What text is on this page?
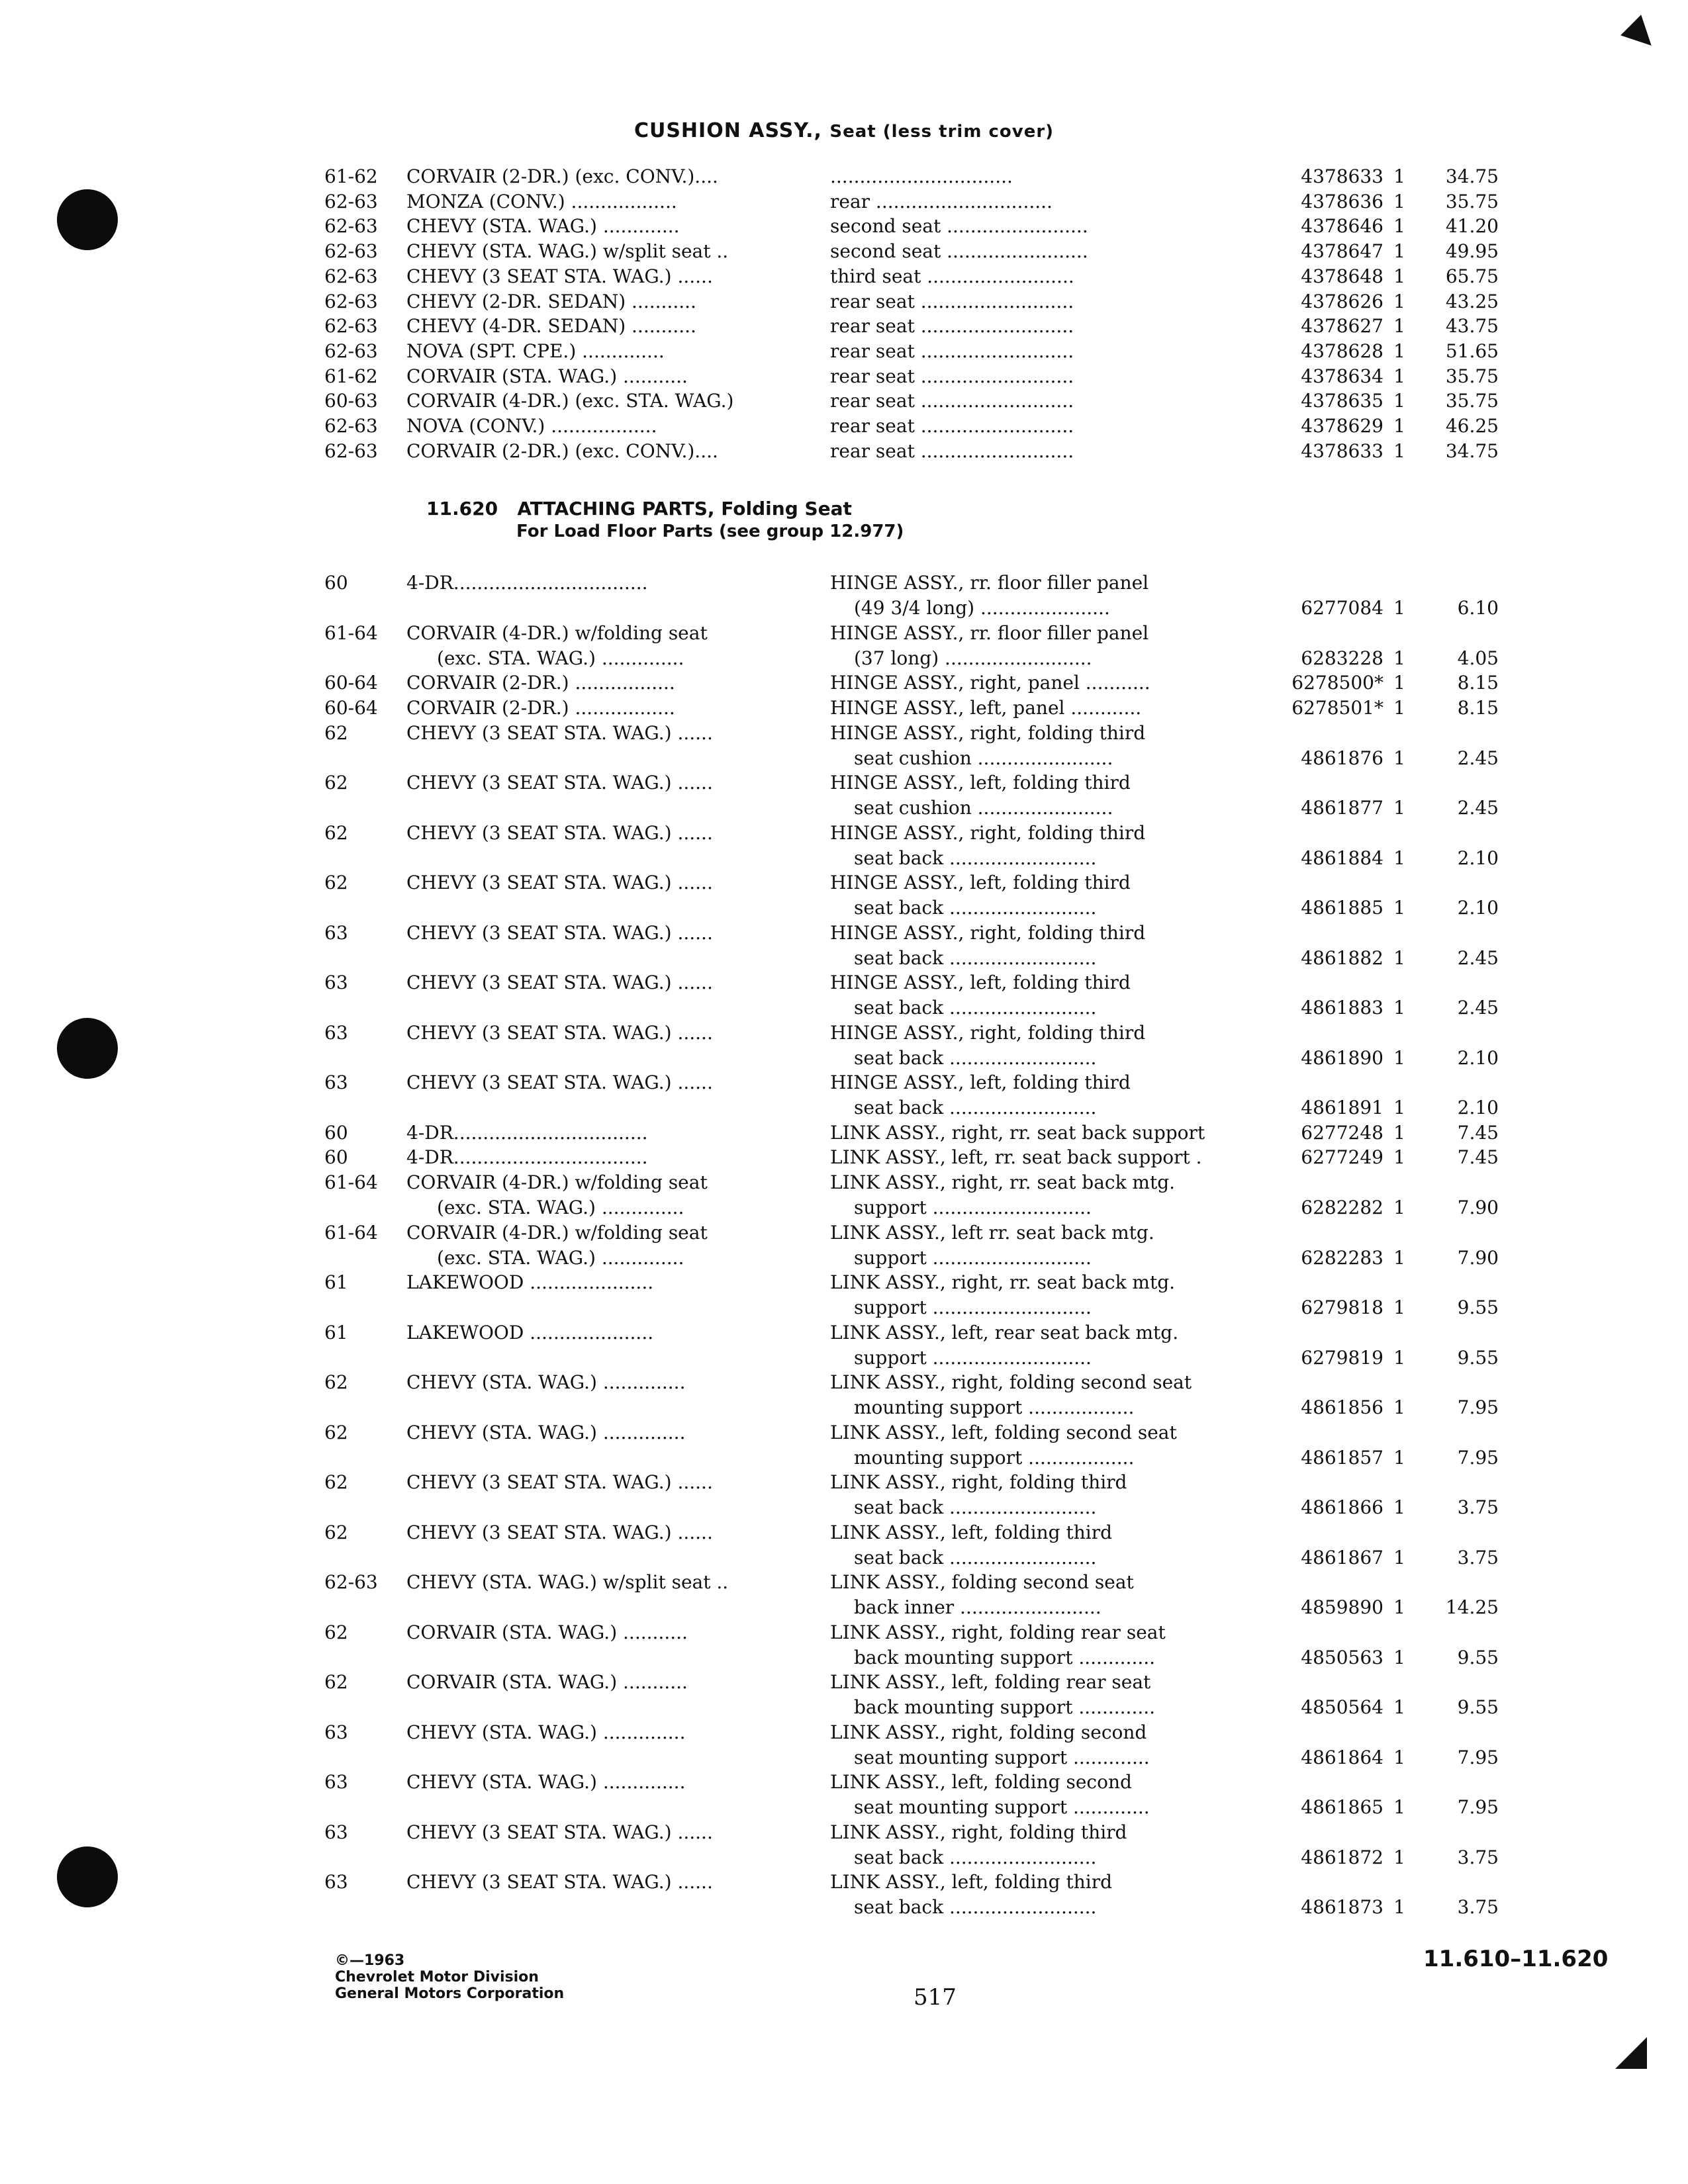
CUSHION ASSY., Seat (less trim cover)
11.620 ATTACHING PARTS, Folding Seat
For Load Floor Parts (see group 12.977)
61-62	CORVAIR (2-DR.) (exc. CONV.)....	...............................	4378633 1	34.75
62-63	MONZA (CONV.) ..................	rear ..............................	4378636 1	35.75
62-63	CHEVY (STA. WAG.) .............	second seat ........................	4378646 1	41.20
62-63	CHEVY (STA. WAG.) w/split seat ..	second seat ........................	4378647 1	49.95
62-63	CHEVY (3 SEAT STA. WAG.) ......	third seat .........................	4378648 1	65.75
62-63	CHEVY (2-DR. SEDAN) ...........	rear seat ..........................	4378626 1	43.25
62-63	CHEVY (4-DR. SEDAN) ...........	rear seat ..........................	4378627 1	43.75
62-63	NOVA (SPT. CPE.) ..............	rear seat ..........................	4378628 1	51.65
61-62	CORVAIR (STA. WAG.) ...........	rear seat ..........................	4378634 1	35.75
60-63	CORVAIR (4-DR.) (exc. STA. WAG.)	rear seat ..........................	4378635 1	35.75
62-63	NOVA (CONV.) ..................	rear seat ..........................	4378629 1	46.25
62-63	CORVAIR (2-DR.) (exc. CONV.)....	rear seat ..........................	4378633 1	34.75
60	4-DR.................................	HINGE ASSY., rr. floor filler panel
(49 3/4 long) ......................	6277084 1	6.10
61-64	CORVAIR (4-DR.) w/folding seat	HINGE ASSY., rr. floor filler panel
(exc. STA. WAG.) ..............	(37 long) .........................	6283228 1	4.05
60-64	CORVAIR (2-DR.) .................	HINGE ASSY., right, panel ...........	6278500* 1	8.15
60-64	CORVAIR (2-DR.) .................	HINGE ASSY., left, panel ............	6278501* 1	8.15
62	CHEVY (3 SEAT STA. WAG.) ......	HINGE ASSY., right, folding third
seat cushion .......................	4861876 1	2.45
62	CHEVY (3 SEAT STA. WAG.) ......	HINGE ASSY., left, folding third
seat cushion .......................	4861877 1	2.45
62	CHEVY (3 SEAT STA. WAG.) ......	HINGE ASSY., right, folding third
seat back .........................	4861884 1	2.10
62	CHEVY (3 SEAT STA. WAG.) ......	HINGE ASSY., left, folding third
seat back .........................	4861885 1	2.10
63	CHEVY (3 SEAT STA. WAG.) ......	HINGE ASSY., right, folding third
seat back .........................	4861882 1	2.45
63	CHEVY (3 SEAT STA. WAG.) ......	HINGE ASSY., left, folding third
seat back .........................	4861883 1	2.45
63	CHEVY (3 SEAT STA. WAG.) ......	HINGE ASSY., right, folding third
seat back .........................	4861890 1	2.10
63	CHEVY (3 SEAT STA. WAG.) ......	HINGE ASSY., left, folding third
seat back .........................	4861891 1	2.10
60	4-DR.................................	LINK ASSY., right, rr. seat back support	6277248 1	7.45
60	4-DR.................................	LINK ASSY., left, rr. seat back support .	6277249 1	7.45
61-64	CORVAIR (4-DR.) w/folding seat	LINK ASSY., right, rr. seat back mtg.
(exc. STA. WAG.) ..............	support ...........................	6282282 1	7.90
61-64	CORVAIR (4-DR.) w/folding seat	LINK ASSY., left rr. seat back mtg.
(exc. STA. WAG.) ..............	support ...........................	6282283 1	7.90
61	LAKEWOOD .....................	LINK ASSY., right, rr. seat back mtg.
support ...........................	6279818 1	9.55
61	LAKEWOOD .....................	LINK ASSY., left, rear seat back mtg.
support ...........................	6279819 1	9.55
62	CHEVY (STA. WAG.) ..............	LINK ASSY., right, folding second seat
mounting support ..................	4861856 1	7.95
62	CHEVY (STA. WAG.) ..............	LINK ASSY., left, folding second seat
mounting support ..................	4861857 1	7.95
62	CHEVY (3 SEAT STA. WAG.) ......	LINK ASSY., right, folding third
seat back .........................	4861866 1	3.75
62	CHEVY (3 SEAT STA. WAG.) ......	LINK ASSY., left, folding third
seat back .........................	4861867 1	3.75
62-63	CHEVY (STA. WAG.) w/split seat ..	LINK ASSY., folding second seat
back inner ........................	4859890 1	14.25
62	CORVAIR (STA. WAG.) ...........	LINK ASSY., right, folding rear seat
back mounting support .............	4850563 1	9.55
62	CORVAIR (STA. WAG.) ...........	LINK ASSY., left, folding rear seat
back mounting support .............	4850564 1	9.55
63	CHEVY (STA. WAG.) ..............	LINK ASSY., right, folding second
seat mounting support .............	4861864 1	7.95
63	CHEVY (STA. WAG.) ..............	LINK ASSY., left, folding second
seat mounting support .............	4861865 1	7.95
63	CHEVY (3 SEAT STA. WAG.) ......	LINK ASSY., right, folding third
seat back .........................	4861872 1	3.75
63	CHEVY (3 SEAT STA. WAG.) ......	LINK ASSY., left, folding third
seat back .........................	4861873 1	3.75
©—1963
Chevrolet Motor Division
General Motors Corporation	517
11.610–11.620
